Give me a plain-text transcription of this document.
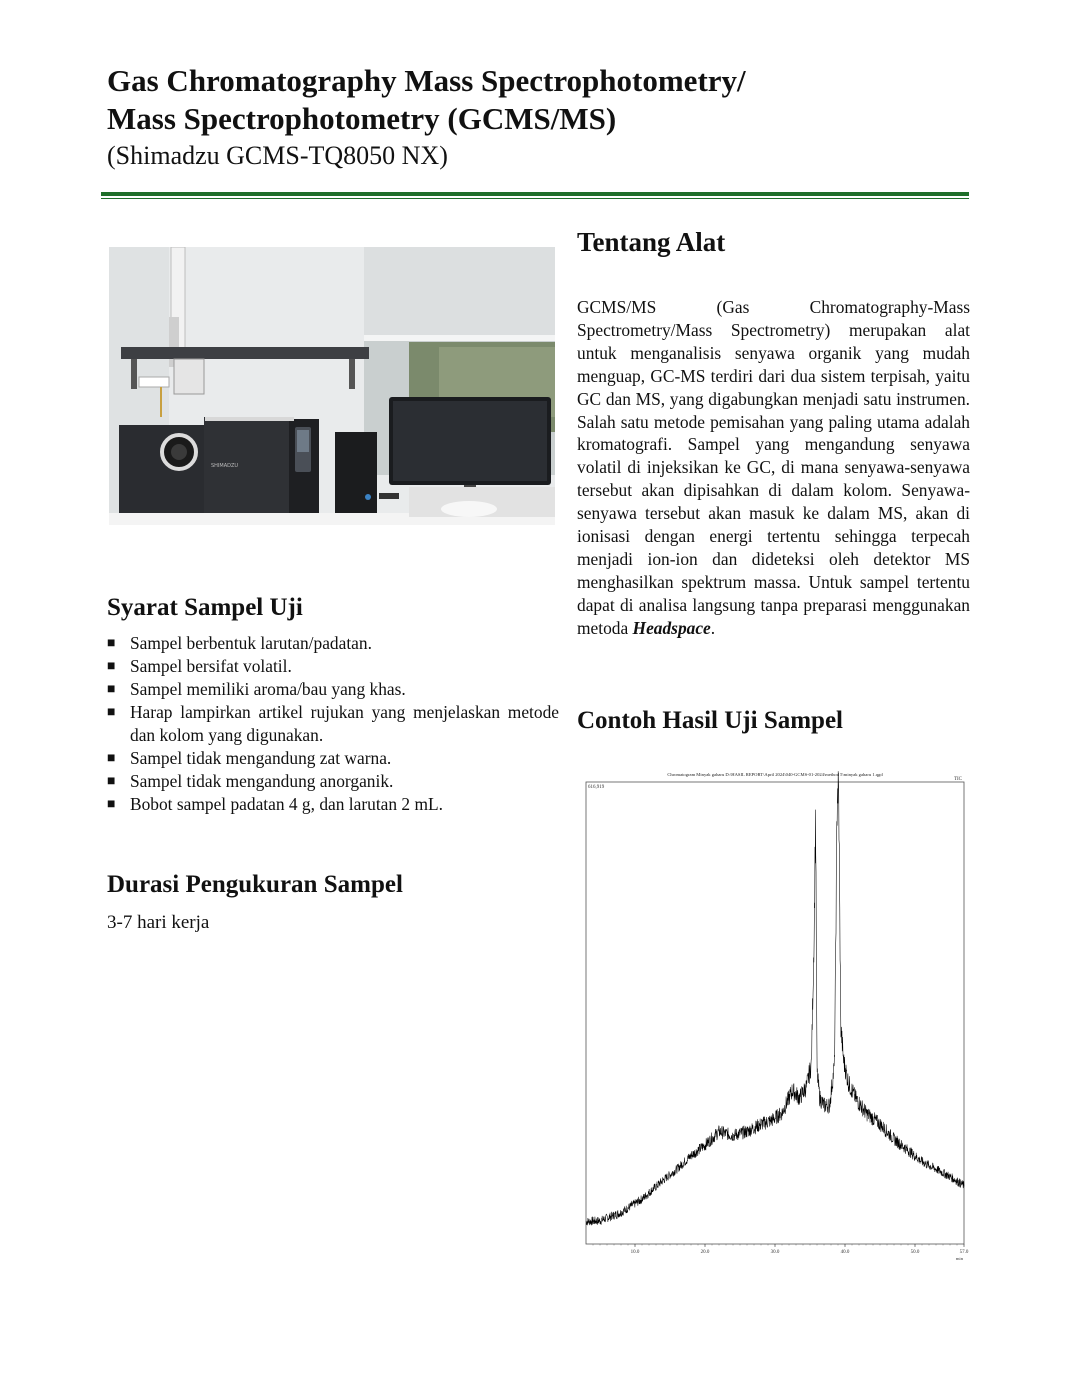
Gas Chromatography Mass Spectrophotometry/
Mass Spectrophotometry (GCMS/MS)
(Shimadzu GCMS-TQ8050 NX)
SHIMADZU
Tentang Alat
GCMS/MS (Gas Chromatography-Mass Spectrometry/Mass Spectrometry) merupakan alat untuk menganalisis senyawa organik yang mudah menguap, GC-MS terdiri dari dua sistem terpisah, yaitu GC dan MS, yang digabungkan menjadi satu instrumen. Salah satu metode pemisahan yang paling utama adalah kromatografi. Sampel yang mengandung senyawa volatil di injeksikan ke GC, di mana senyawa-senyawa tersebut akan dipisahkan di dalam kolom. Senyawa-senyawa tersebut akan masuk ke dalam MS, akan di ionisasi dengan energi tertentu sehingga terpecah menjadi ion-ion dan dideteksi oleh detektor MS menghasilkan spektrum massa. Untuk sampel tertentu dapat di analisa langsung tanpa preparasi menggunakan metoda Headspace.
Syarat Sampel Uji
■ Sampel berbentuk larutan/padatan.
■ Sampel bersifat volatil.
■ Sampel memiliki aroma/bau yang khas.
■ Harap lampirkan artikel rujukan yang menjelaskan metode dan kolom yang digunakan.
■ Sampel tidak mengandung zat warna.
■ Sampel tidak mengandung anorganik.
■ Bobot sampel padatan 4 g, dan larutan 2 mL.
Durasi Pengukuran Sampel
3-7 hari kerja
Contoh Hasil Uji Sampel
Chromatogram Minyak gaharu D:\HASIL REPORT\April 2024\040-GCMS-01-2024\method 5\minyak gaharu 1.qgd
616,919
TIC
10.0	20.0	30.0	40.0	50.0	57.0
min
